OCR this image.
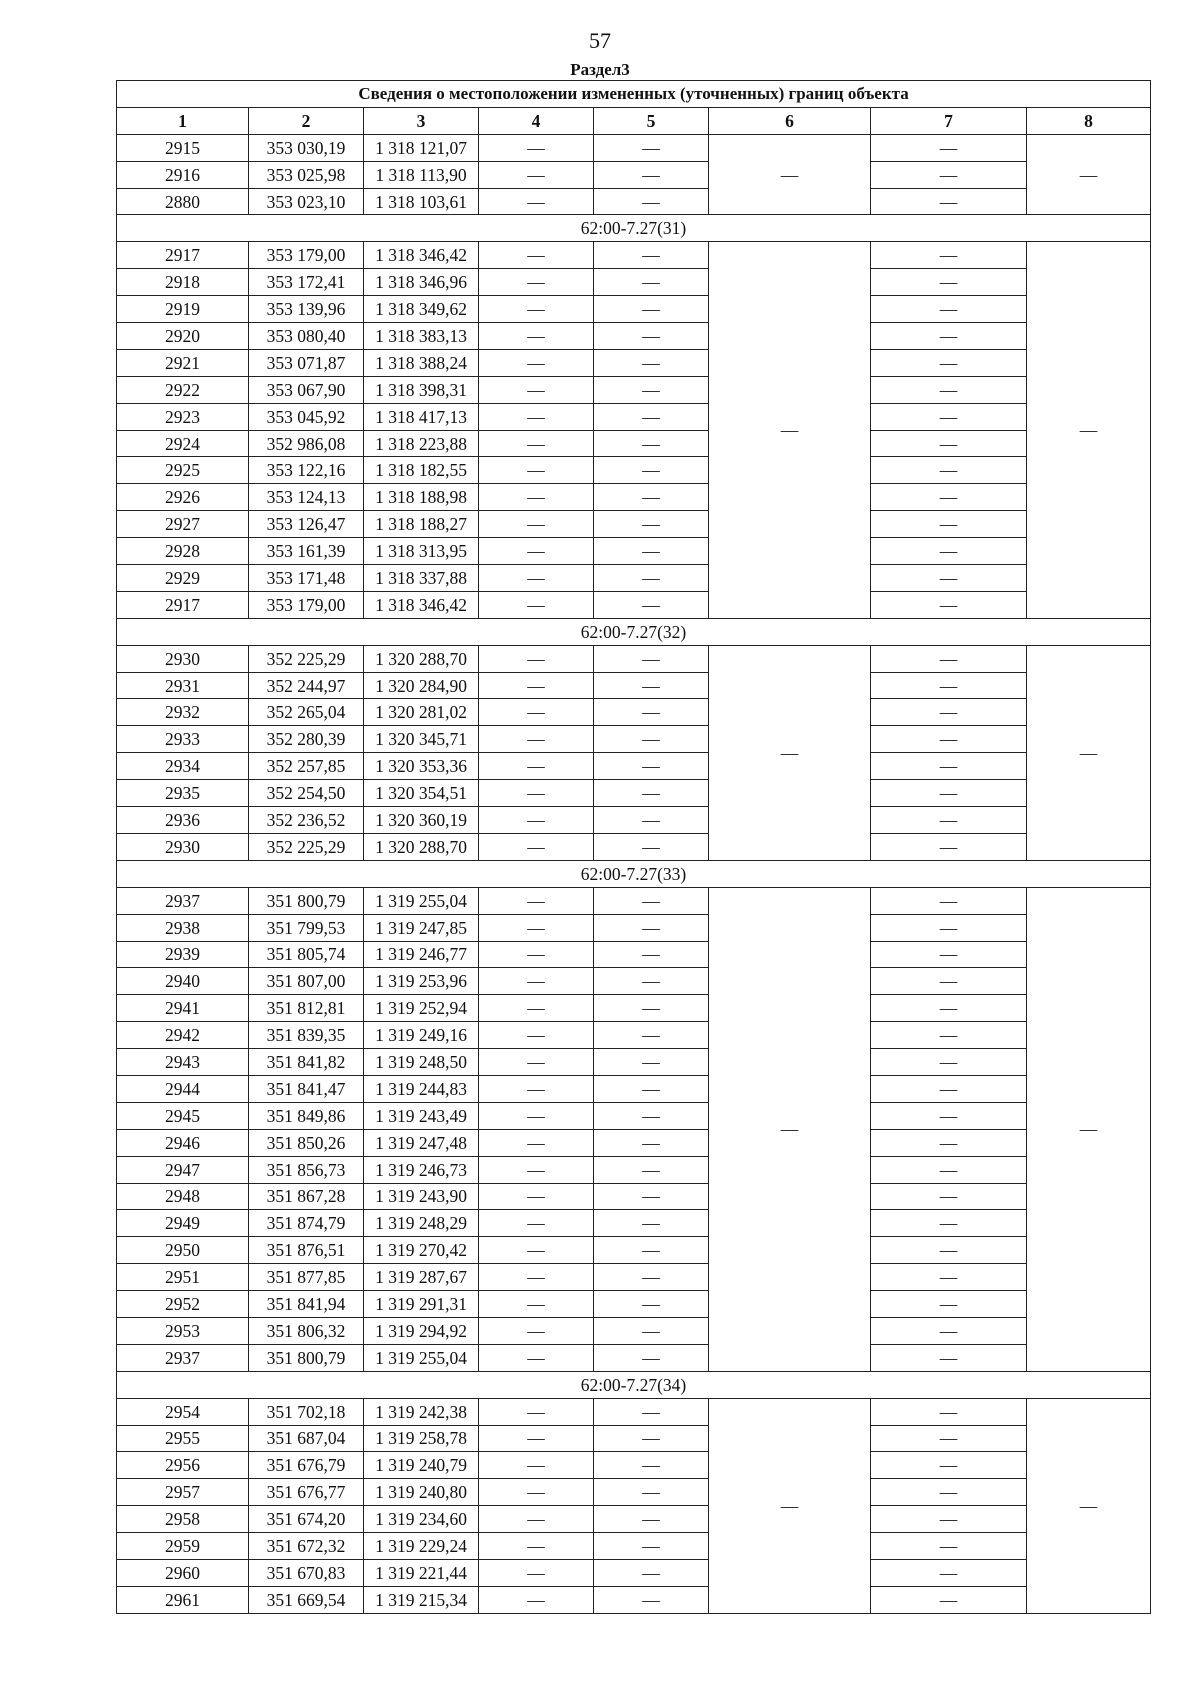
57
Раздел3
Сведения о местоположении измененных (уточненных) границ объекта							
1	2	3	4	5	6	7	8
2915	353 030,19	1 318 121,07	—	—	—	—	—
2916	353 025,98	1 318 113,90	—	—		—	
2880	353 023,10	1 318 103,61	—	—		—	
62:00-7.27(31)							
2917	353 179,00	1 318 346,42	—	—	—	—	—
2918	353 172,41	1 318 346,96	—	—		—	
2919	353 139,96	1 318 349,62	—	—		—	
2920	353 080,40	1 318 383,13	—	—		—	
2921	353 071,87	1 318 388,24	—	—		—	
2922	353 067,90	1 318 398,31	—	—		—	
2923	353 045,92	1 318 417,13	—	—		—	
2924	352 986,08	1 318 223,88	—	—		—	
2925	353 122,16	1 318 182,55	—	—		—	
2926	353 124,13	1 318 188,98	—	—		—	
2927	353 126,47	1 318 188,27	—	—		—	
2928	353 161,39	1 318 313,95	—	—		—	
2929	353 171,48	1 318 337,88	—	—		—	
2917	353 179,00	1 318 346,42	—	—		—	
62:00-7.27(32)							
2930	352 225,29	1 320 288,70	—	—	—	—	—
2931	352 244,97	1 320 284,90	—	—		—	
2932	352 265,04	1 320 281,02	—	—		—	
2933	352 280,39	1 320 345,71	—	—		—	
2934	352 257,85	1 320 353,36	—	—		—	
2935	352 254,50	1 320 354,51	—	—		—	
2936	352 236,52	1 320 360,19	—	—		—	
2930	352 225,29	1 320 288,70	—	—		—	
62:00-7.27(33)							
2937	351 800,79	1 319 255,04	—	—	—	—	—
2938	351 799,53	1 319 247,85	—	—		—	
2939	351 805,74	1 319 246,77	—	—		—	
2940	351 807,00	1 319 253,96	—	—		—	
2941	351 812,81	1 319 252,94	—	—		—	
2942	351 839,35	1 319 249,16	—	—		—	
2943	351 841,82	1 319 248,50	—	—		—	
2944	351 841,47	1 319 244,83	—	—		—	
2945	351 849,86	1 319 243,49	—	—		—	
2946	351 850,26	1 319 247,48	—	—		—	
2947	351 856,73	1 319 246,73	—	—		—	
2948	351 867,28	1 319 243,90	—	—		—	
2949	351 874,79	1 319 248,29	—	—		—	
2950	351 876,51	1 319 270,42	—	—		—	
2951	351 877,85	1 319 287,67	—	—		—	
2952	351 841,94	1 319 291,31	—	—		—	
2953	351 806,32	1 319 294,92	—	—		—	
2937	351 800,79	1 319 255,04	—	—		—	
62:00-7.27(34)							
2954	351 702,18	1 319 242,38	—	—	—	—	—
2955	351 687,04	1 319 258,78	—	—		—	
2956	351 676,79	1 319 240,79	—	—		—	
2957	351 676,77	1 319 240,80	—	—		—	
2958	351 674,20	1 319 234,60	—	—		—	
2959	351 672,32	1 319 229,24	—	—		—	
2960	351 670,83	1 319 221,44	—	—		—	
2961	351 669,54	1 319 215,34	—	—		—	
